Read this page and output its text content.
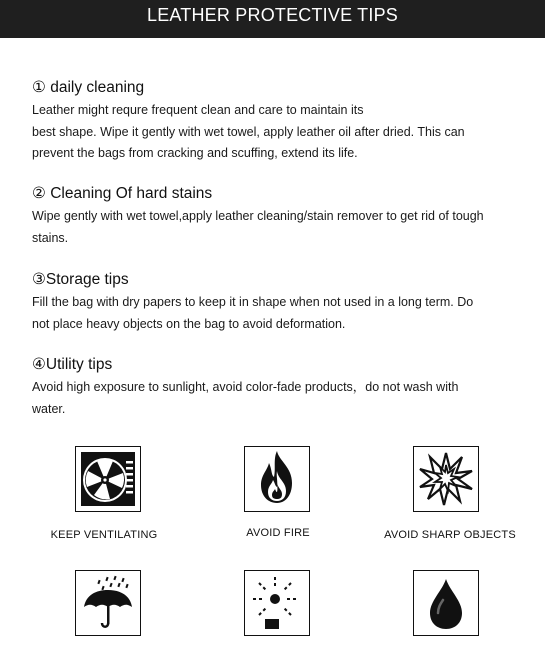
LEATHER PROTECTIVE TIPS
① daily cleaning

Leather might requre frequent clean and care to maintain its
best shape. Wipe it gently with wet towel, apply leather oil after dried. This can
prevent the bags from cracking and scuffing, extend its life.

② Cleaning Of hard stains

Wipe gently with wet towel,apply leather cleaning/stain remover to get rid of tough
stains.

③Storage tips

Fill the bag with dry papers to keep it in shape when not used in a long term. Do
not place heavy objects on the bag to avoid deformation.

④Utility tips

Avoid high exposure to sunlight, avoid color-fade products，do not wash with
water.

KEEP VENTILATING	AVOID FIRE	AVOID SHARP OBJECTS
